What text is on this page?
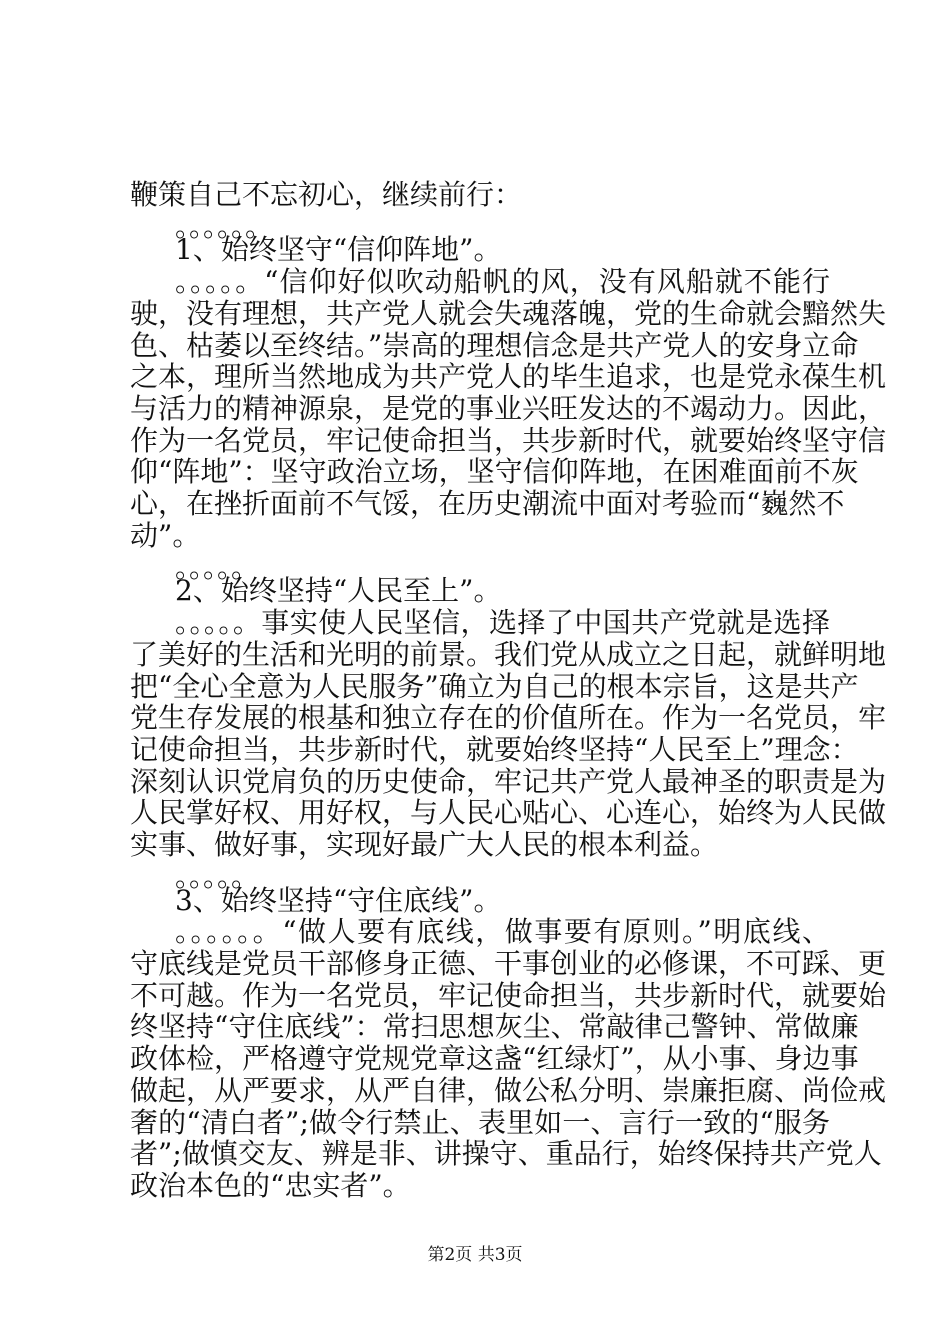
鞭策自己不忘初心，继续前行：
。。。。。。
1、始终坚守“信仰阵地”。
。。。。。“信仰好似吹动船帆的风，没有风船就不能行
驶，没有理想，共产党人就会失魂落魄，党的生命就会黯然失
色、枯萎以至终结。”崇高的理想信念是共产党人的安身立命
之本，理所当然地成为共产党人的毕生追求，也是党永葆生机
与活力的精神源泉，是党的事业兴旺发达的不竭动力。因此，
作为一名党员，牢记使命担当，共步新时代，就要始终坚守信
仰“阵地”：坚守政治立场，坚守信仰阵地，在困难面前不灰
心，在挫折面前不气馁，在历史潮流中面对考验而“巍然不
动”。
。。。。。
2、始终坚持“人民至上”。
。。。。。事实使人民坚信，选择了中国共产党就是选择
了美好的生活和光明的前景。我们党从成立之日起，就鲜明地
把“全心全意为人民服务”确立为自己的根本宗旨，这是共产
党生存发展的根基和独立存在的价值所在。作为一名党员，牢
记使命担当，共步新时代，就要始终坚持“人民至上”理念：
深刻认识党肩负的历史使命，牢记共产党人最神圣的职责是为
人民掌好权、用好权，与人民心贴心、心连心，始终为人民做
实事、做好事，实现好最广大人民的根本利益。
。。。。。
3、始终坚持“守住底线”。
。。。。。。“做人要有底线，做事要有原则。”明底线、
守底线是党员干部修身正德、干事创业的必修课，不可踩、更
不可越。作为一名党员，牢记使命担当，共步新时代，就要始
终坚持“守住底线”：常扫思想灰尘、常敲律己警钟、常做廉
政体检，严格遵守党规党章这盏“红绿灯”，从小事、身边事
做起，从严要求，从严自律，做公私分明、崇廉拒腐、尚俭戒
奢的“清白者”;做令行禁止、表里如一、言行一致的“服务
者”;做慎交友、辨是非、讲操守、重品行，始终保持共产党人
政治本色的“忠实者”。
第2页 共3页
